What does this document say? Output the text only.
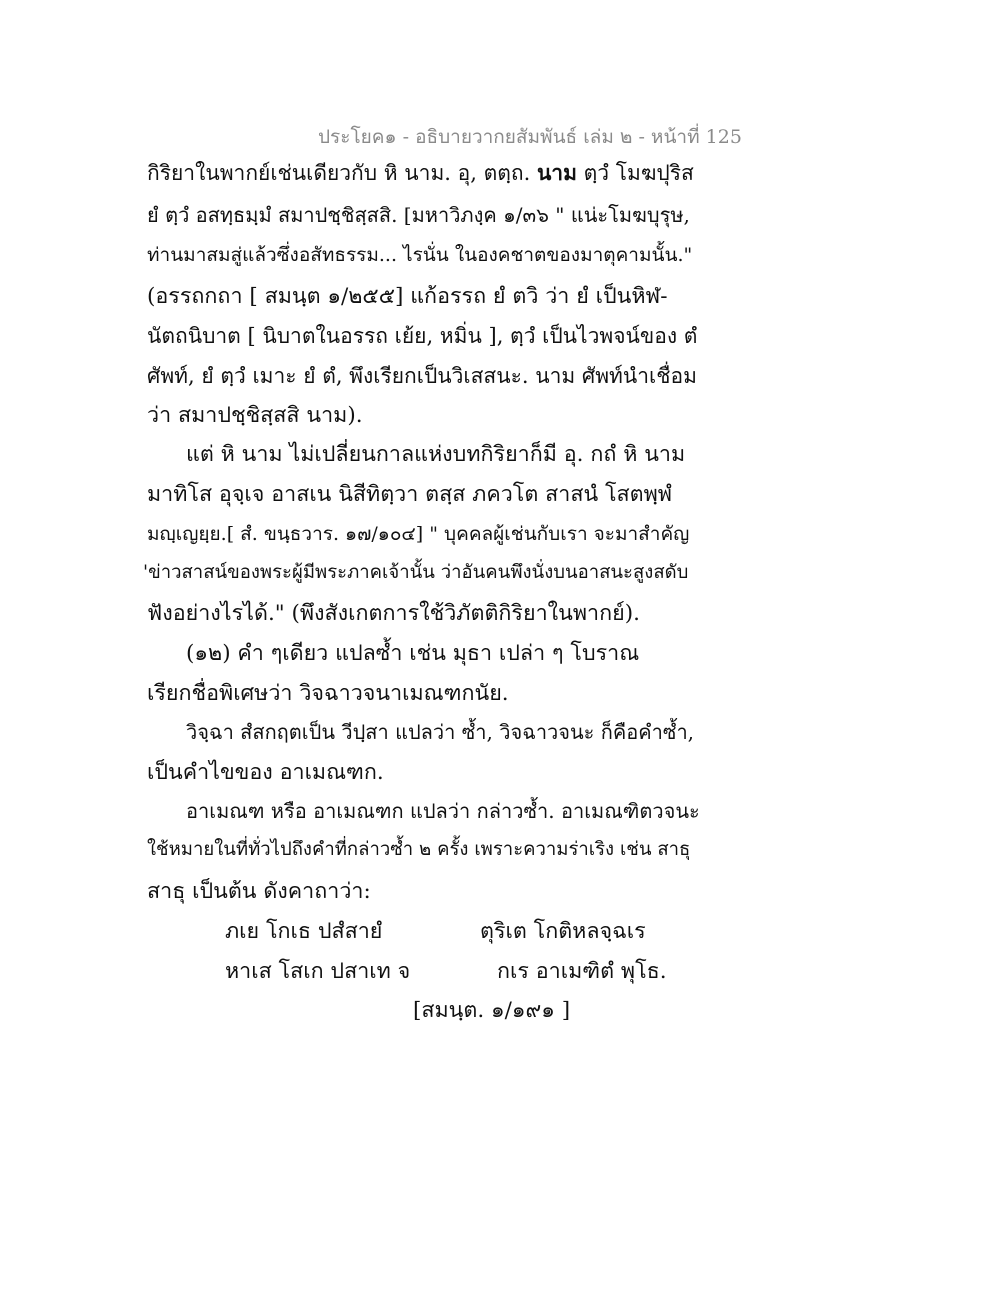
ประโยค๑ - อธิบายวากยสัมพันธ์ เล่ม ๒ - หน้าที่ 125
กิริยาในพากย์เช่นเดียวกับ หิ นาม. อุ, ตตฺถ. นาม ตฺวํ โมฆปุริส
ยํ ตฺวํ อสทฺธมฺมํ สมาปชฺชิสฺสสิ. [มหาวิภงฺค ๑/๓๖ " แน่ะโมฆบุรุษ,
ท่านมาสมสู่แล้วซึ่งอสัทธรรม... ไรนั่น ในองคชาตของมาตุคามนั้น."
(อรรถกถา [ สมนฺต ๑/๒๕๕] แก้อรรถ ยํ ตวิ ว่า ยํ เป็นหิฬ-
นัตถนิบาต [ นิบาตในอรรถ เย้ย, หมิ่น ], ตฺวํ เป็นไวพจน์ของ ตํ
ศัพท์, ยํ ตฺวํ เมาะ ยํ ตํ, พึงเรียกเป็นวิเสสนะ. นาม ศัพท์นำเชื่อม
ว่า สมาปชฺชิสฺสสิ นาม).
แต่ หิ นาม ไม่เปลี่ยนกาลแห่งบทกิริยาก็มี อุ. กถํ หิ นาม
มาทิโส อุจฺเจ อาสเน นิสีทิตฺวา ตสฺส ภควโต สาสนํ โสตพฺพํ
มญฺเญยฺย.[ สํ. ขนฺธวาร. ๑๗/๑๐๔] " บุคคลผู้เช่นกับเรา จะมาสำคัญ
'ข่าวสาสน์ของพระผู้มีพระภาคเจ้านั้น ว่าอันคนพึงนั่งบนอาสนะสูงสดับ
ฟังอย่างไรได้." (พึงสังเกตการใช้วิภัตติกิริยาในพากย์).
(๑๒) คำ ๆเดียว แปลซ้ำ เช่น มุธา เปล่า ๆ โบราณ
เรียกชื่อพิเศษว่า วิจฉาวจนาเมณฑกนัย.
วิจฺฉา สํสกฤตเป็น วีปฺสา แปลว่า ซ้ำ, วิจฉาวจนะ ก็คือคำซ้ำ,
เป็นคำไขของ อาเมณฑก.
อาเมณฑ หรือ อาเมณฑก แปลว่า กล่าวซ้ำ. อาเมณฑิตวจนะ
ใช้หมายในที่ทั่วไปถึงคำที่กล่าวซ้ำ ๒ ครั้ง เพราะความร่าเริง เช่น สาธุ
สาธุ เป็นต้น ดังคาถาว่า:
ภเย โกเธ ปสํสายํ	ตุริเต โกติหลจฺฉเร
หาเส โสเก ปสาเท จ	กเร อาเมฑิตํ พุโธ.
[สมนฺต. ๑/๑๙๑ ]
